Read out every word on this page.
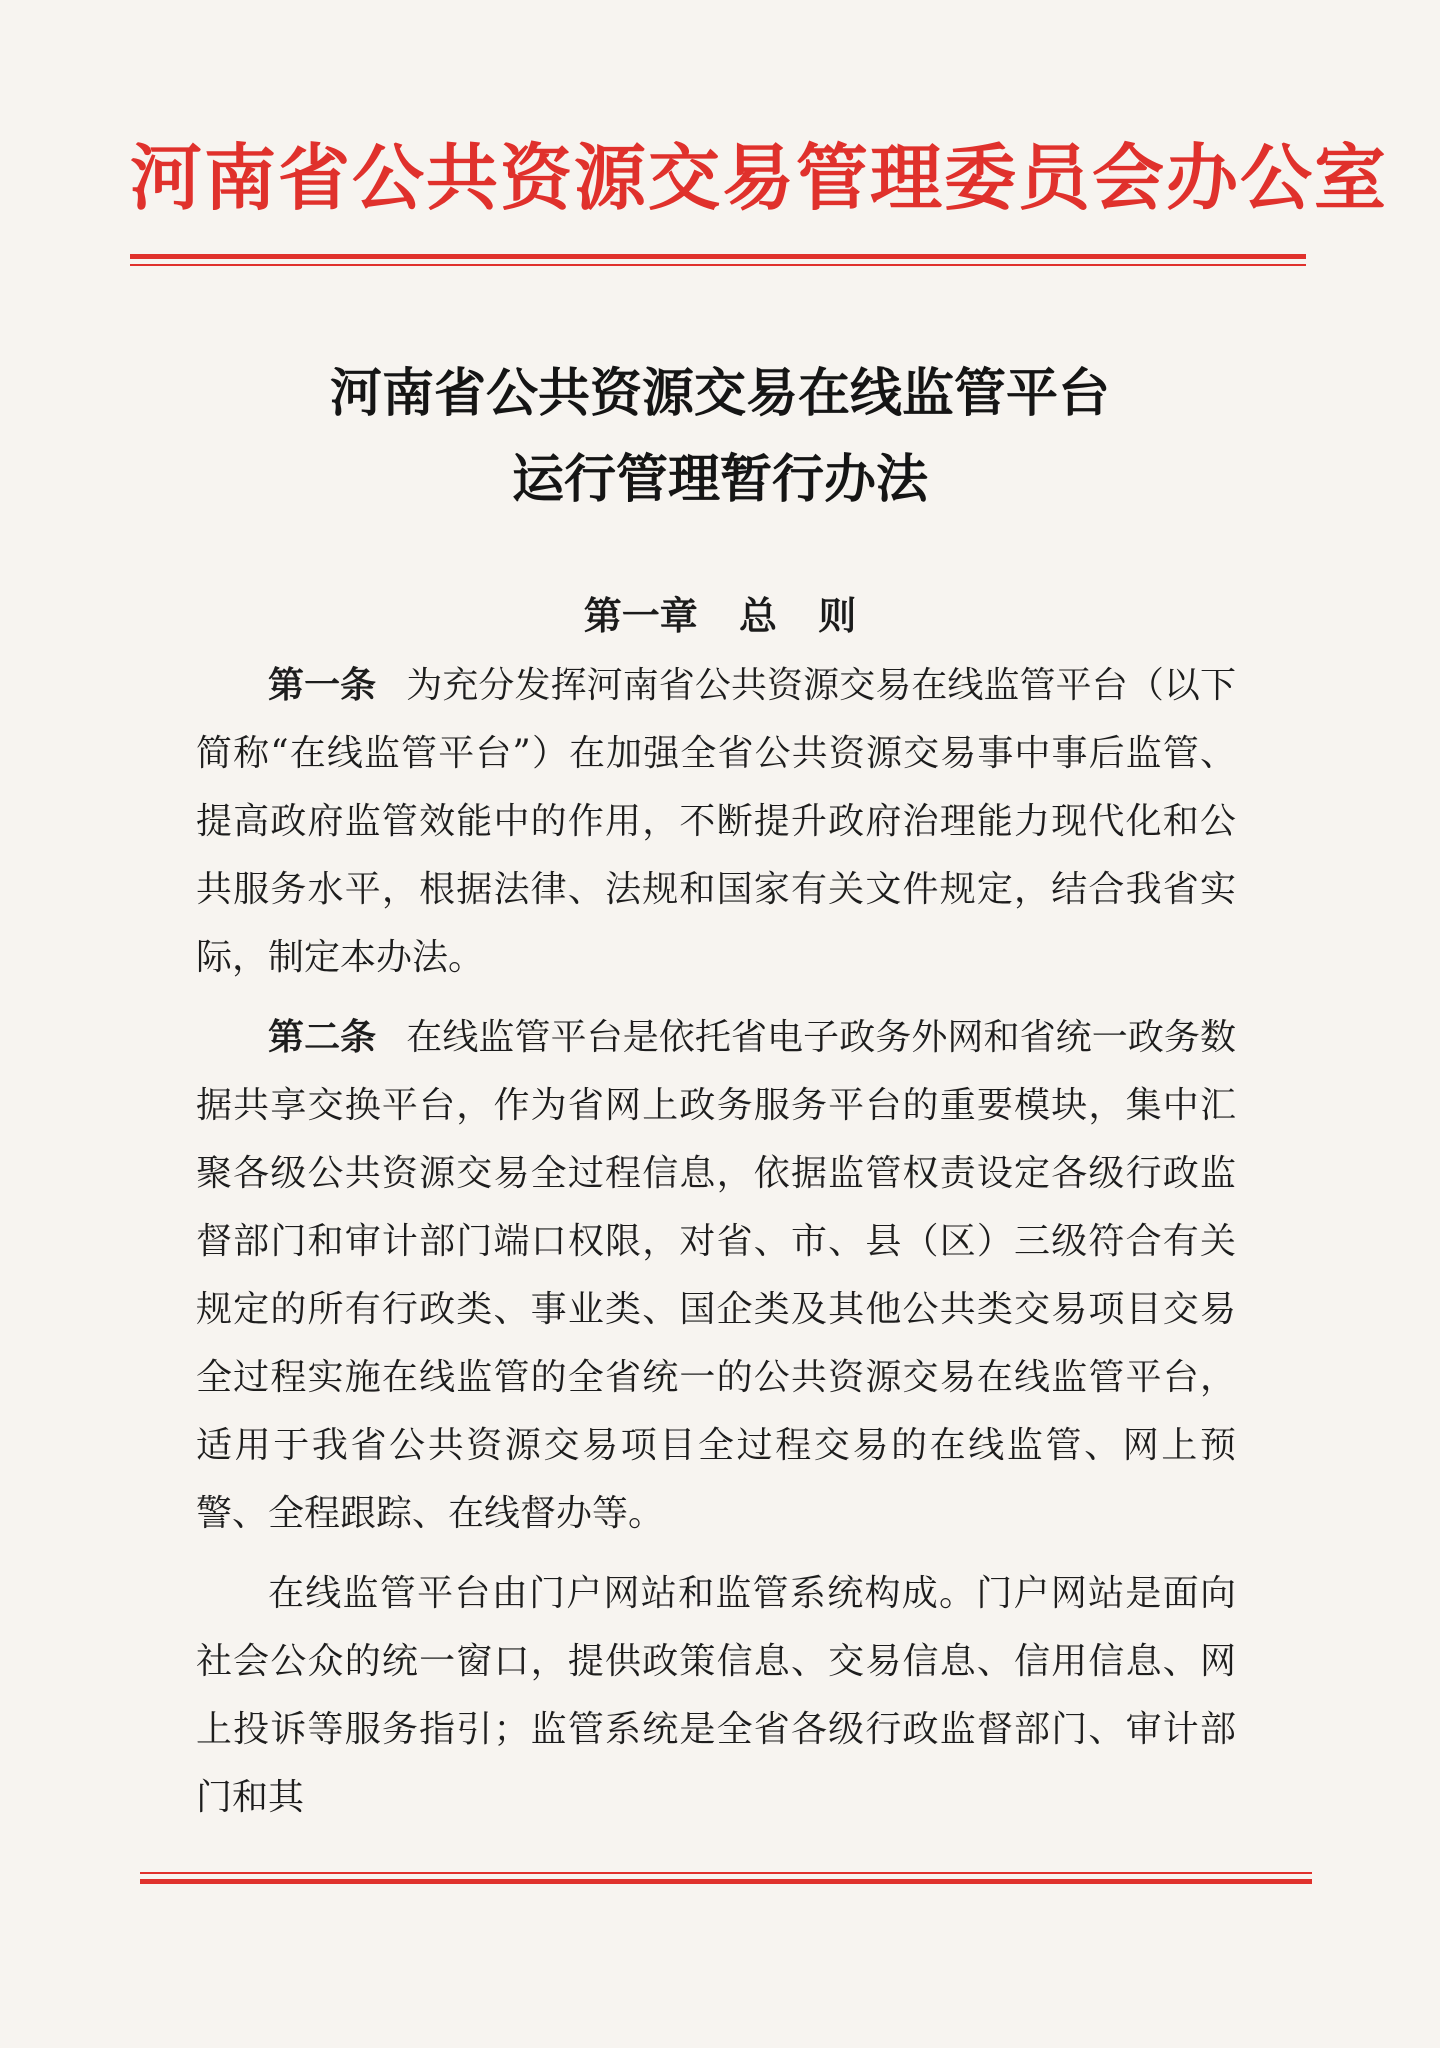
河南省公共资源交易管理委员会办公室
河南省公共资源交易在线监管平台
运行管理暂行办法
第一章 总 则
第一条 为充分发挥河南省公共资源交易在线监管平台（以下简称“在线监管平台”）在加强全省公共资源交易事中事后监管、提高政府监管效能中的作用，不断提升政府治理能力现代化和公共服务水平，根据法律、法规和国家有关文件规定，结合我省实际，制定本办法。
第二条 在线监管平台是依托省电子政务外网和省统一政务数据共享交换平台，作为省网上政务服务平台的重要模块，集中汇聚各级公共资源交易全过程信息，依据监管权责设定各级行政监督部门和审计部门端口权限，对省、市、县（区）三级符合有关规定的所有行政类、事业类、国企类及其他公共类交易项目交易全过程实施在线监管的全省统一的公共资源交易在线监管平台，适用于我省公共资源交易项目全过程交易的在线监管、网上预警、全程跟踪、在线督办等。
在线监管平台由门户网站和监管系统构成。门户网站是面向社会公众的统一窗口，提供政策信息、交易信息、信用信息、网上投诉等服务指引；监管系统是全省各级行政监督部门、审计部门和其
